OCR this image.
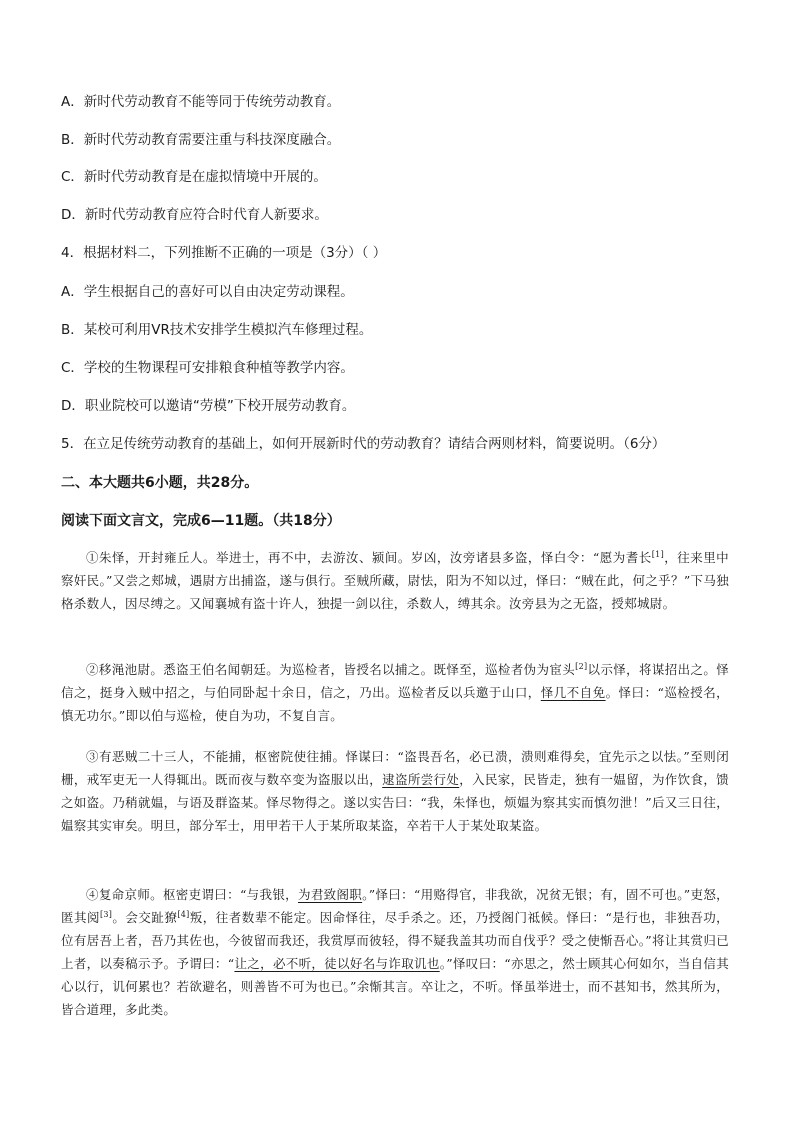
A．新时代劳动教育不能等同于传统劳动教育。
B．新时代劳动教育需要注重与科技深度融合。
C．新时代劳动教育是在虚拟情境中开展的。
D．新时代劳动教育应符合时代育人新要求。
4．根据材料二，下列推断不正确的一项是（3分）（ ）
A．学生根据自己的喜好可以自由决定劳动课程。
B．某校可利用VR技术安排学生模拟汽车修理过程。
C．学校的生物课程可安排粮食种植等教学内容。
D．职业院校可以邀请“劳模”下校开展劳动教育。
5．在立足传统劳动教育的基础上，如何开展新时代的劳动教育？请结合两则材料，简要说明。（6分）
二、本大题共6小题，共28分。
阅读下面文言文，完成6—11题。（共18分）
①朱怿，开封雍丘人。举进士，再不中，去游汝、颍间。岁凶，汝旁诸县多盗，怿白令：“愿为耆长[1]，往来里中察奸民。”又尝之郏城，遇尉方出捕盗，遂与俱行。至贼所藏，尉怯，阳为不知以过，怿曰：“贼在此，何之乎？”下马独格杀数人，因尽缚之。又闻襄城有盗十许人，独提一剑以往，杀数人，缚其余。汝旁县为之无盗，授郏城尉。
②移渑池尉。悉盗王伯名闻朝廷。为巡检者，皆授名以捕之。既怿至，巡检者伪为宦头[2]以示怿，将谋招出之。怿信之，挺身入贼中招之，与伯同卧起十余日，信之，乃出。巡检者反以兵邀于山口，怿几不自免。怿曰：“巡检授名，慎无功尔。”即以伯与巡检，使自为功，不复自言。
③有恶贼二十三人，不能捕，枢密院使往捕。怿谋曰：“盗畏吾名，必已溃，溃则难得矣，宜先示之以怯。”至则闭栅，戒军吏无一人得辄出。既而夜与数卒变为盗服以出，逮盗所尝行处，入民家，民皆走，独有一媪留，为作饮食，馈之如盗。乃稍就媪，与语及群盗某。怿尽物得之。遂以实告曰：“我，朱怿也，烦媪为察其实而慎勿泄！”后又三日往，媪察其实审矣。明旦，部分军士，用甲若干人于某所取某盗，卒若干人于某处取某盗。
④复命京师。枢密吏谓曰：“与我银，为君致阁职。”怿曰：“用赂得官，非我欲，况贫无银；有，固不可也。”吏怒，匿其阅[3]。会交趾獠[4]叛，往者数辈不能定。因命怿往，尽手杀之。还，乃授阁门祗候。怿曰：“是行也，非独吾功，位有居吾上者，吾乃其佐也，今彼留而我还，我赏厚而彼轻，得不疑我盖其功而自伐乎？受之使惭吾心。”将让其赏归已上者，以奏稿示予。予谓曰：“让之，必不听，徒以好名与诈取讥也。”怿叹曰：“亦思之，然士顾其心何如尔，当自信其心以行，讥何累也？若欲避名，则善皆不可为也已。”余惭其言。卒让之，不听。怿虽举进士，而不甚知书，然其所为，皆合道理，多此类。
